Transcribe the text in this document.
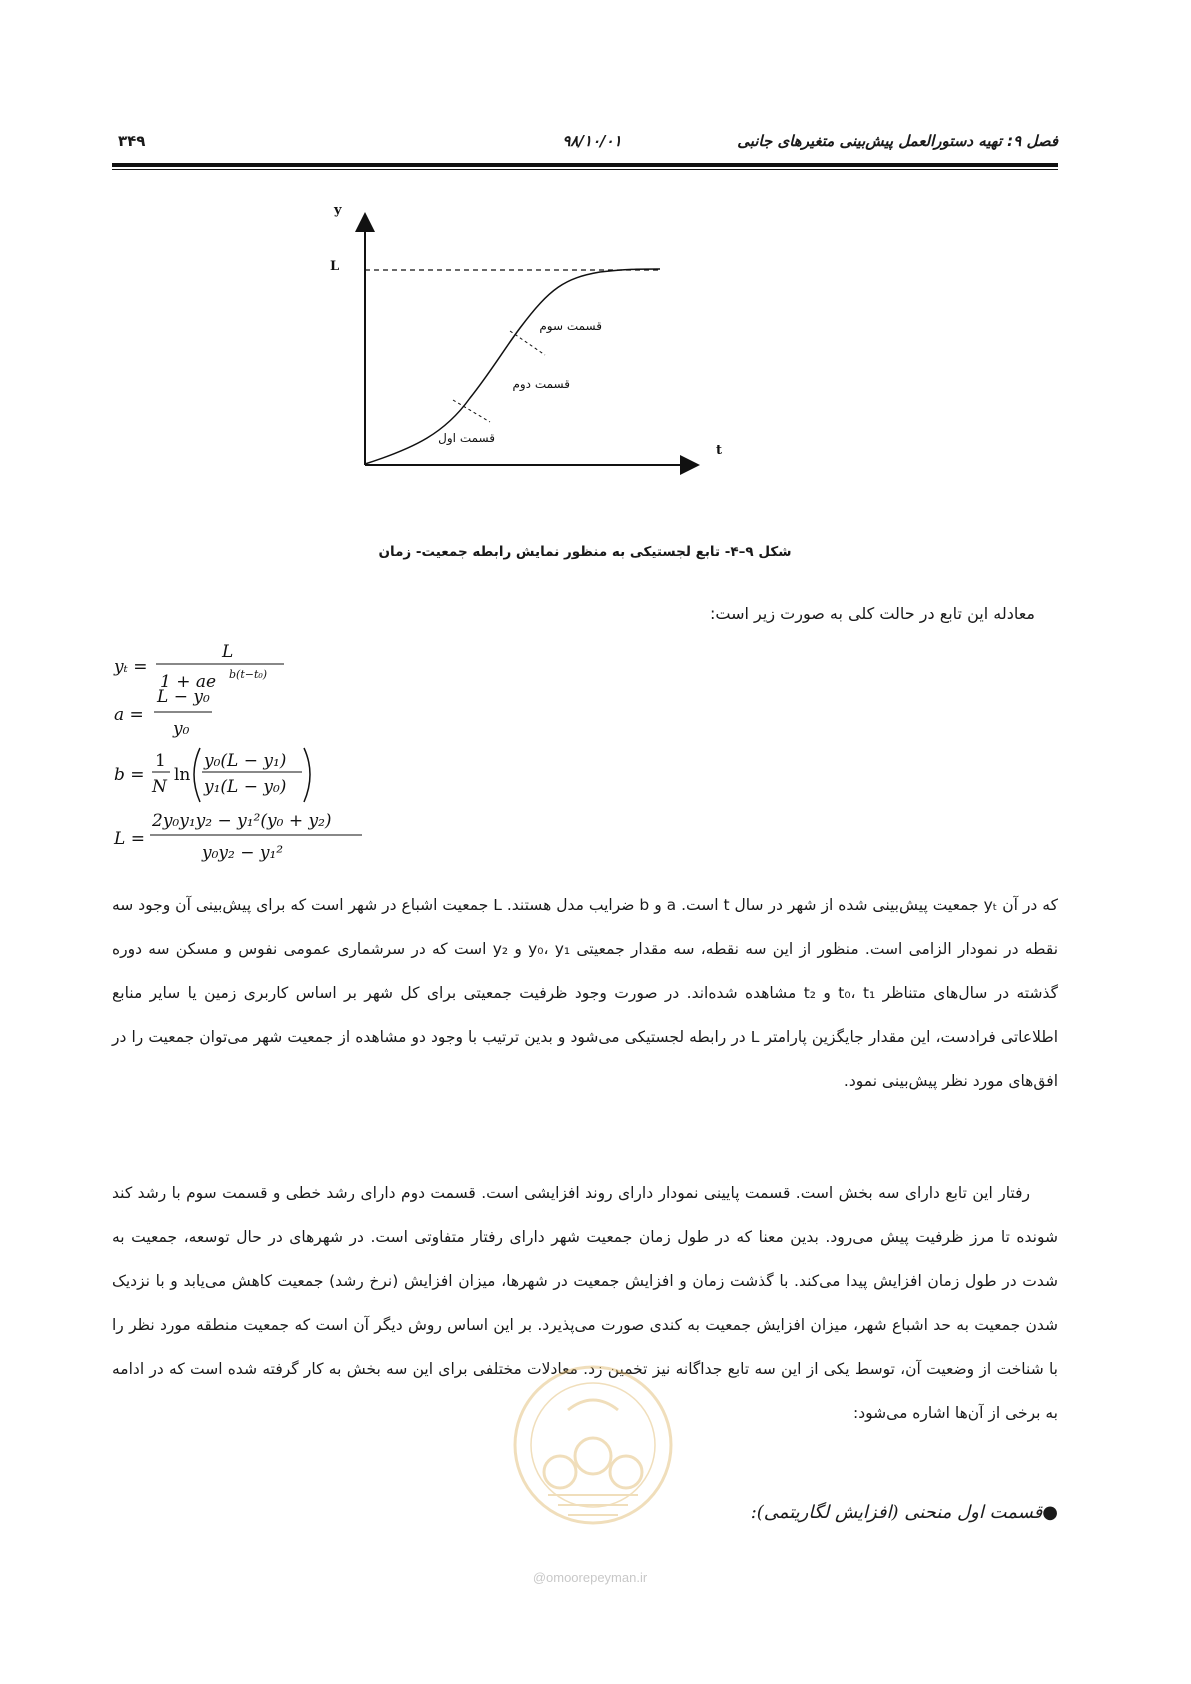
فصل ۹: تهیه دستورالعمل پیش‌بینی متغیرهای جانبی
۹۸/۱۰/۰۱
۳۴۹
y
L
t
قسمت سوم
قسمت دوم
قسمت اول
شکل ۹–۴- تابع لجستیکی به منظور نمایش رابطه جمعیت- زمان
معادله این تابع در حالت کلی به صورت زیر است:
yₜ =
L
1 + ae b(t−t₀)
a =
L − y₀
y₀
b =
1
N
ln
y₀(L − y₁)
y₁(L − y₀)
L =
2y₀y₁y₂ − y₁²(y₀ + y₂)
y₀y₂ − y₁²
که در آن yₜ جمعیت پیش‌بینی شده از شهر در سال t است. a و b ضرایب مدل هستند. L جمعیت اشباع در شهر است که برای پیش‌بینی آن وجود سه نقطه در نمودار الزامی است. منظور از این سه نقطه، سه مقدار جمعیتی y₀، y₁ و y₂ است که در سرشماری عمومی نفوس و مسکن سه دوره گذشته در سال‌های متناظر t₀، t₁ و t₂ مشاهده شده‌اند. در صورت وجود ظرفیت جمعیتی برای کل شهر بر اساس کاربری زمین یا سایر منابع اطلاعاتی فرادست، این مقدار جایگزین پارامتر L در رابطه لجستیکی می‌شود و بدین ترتیب با وجود دو مشاهده از جمعیت شهر می‌توان جمعیت را در افق‌های مورد نظر پیش‌بینی نمود.
رفتار این تابع دارای سه بخش است. قسمت پایینی نمودار دارای روند افزایشی است. قسمت دوم دارای رشد خطی و قسمت سوم با رشد کند شونده تا مرز ظرفیت پیش می‌رود. بدین معنا که در طول زمان جمعیت شهر دارای رفتار متفاوتی است. در شهرهای در حال توسعه، جمعیت به شدت در طول زمان افزایش پیدا می‌کند. با گذشت زمان و افزایش جمعیت در شهرها، میزان افزایش (نرخ رشد) جمعیت کاهش می‌یابد و با نزدیک شدن جمعیت به حد اشباع شهر، میزان افزایش جمعیت به کندی صورت می‌پذیرد. بر این اساس روش دیگر آن است که جمعیت منطقه مورد نظر را با شناخت از وضعیت آن، توسط یکی از این سه تابع جداگانه نیز تخمین زد. معادلات مختلفی برای این سه بخش به کار گرفته شده است که در ادامه به برخی از آن‌ها اشاره می‌شود:
●قسمت اول منحنی (افزایش لگاریتمی):
@omoorepeyman.ir
